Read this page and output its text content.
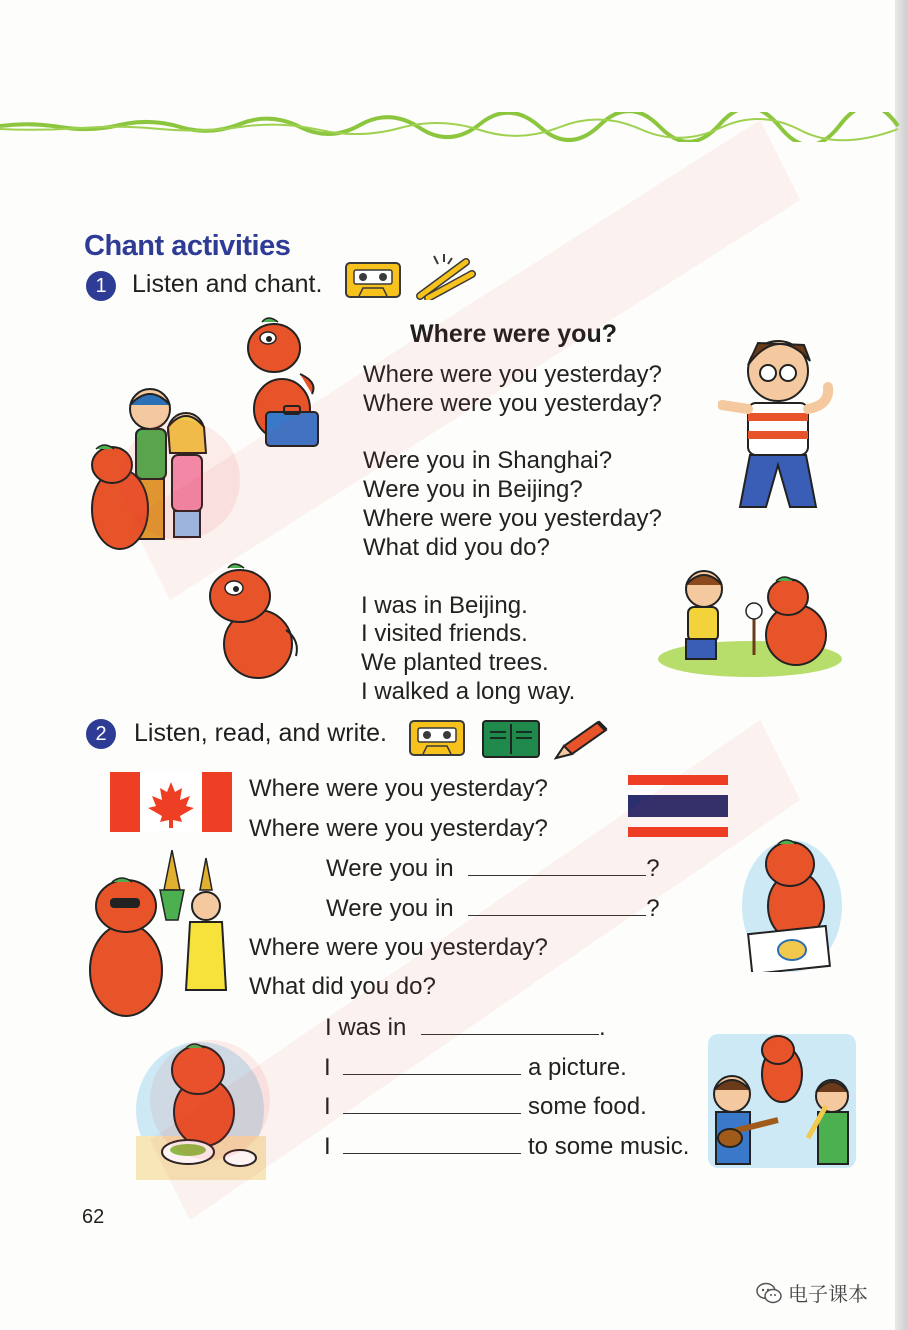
Chant activities
1	Listen and chant.
Where were you?
Where were you yesterday?
Where were you yesterday?
Were you in Shanghai?
Were you in Beijing?
Where were you yesterday?
What did you do?
I was in Beijing.
I visited friends.
We planted trees.
I walked a long way.
2	Listen, read, and write.
Where were you yesterday?
Where were you yesterday?
Were you in	?
Were you in	?
Where were you yesterday?
What did you do?
I was in	.
I	a picture.
I	some food.
I	to some music.
62
电子课本
